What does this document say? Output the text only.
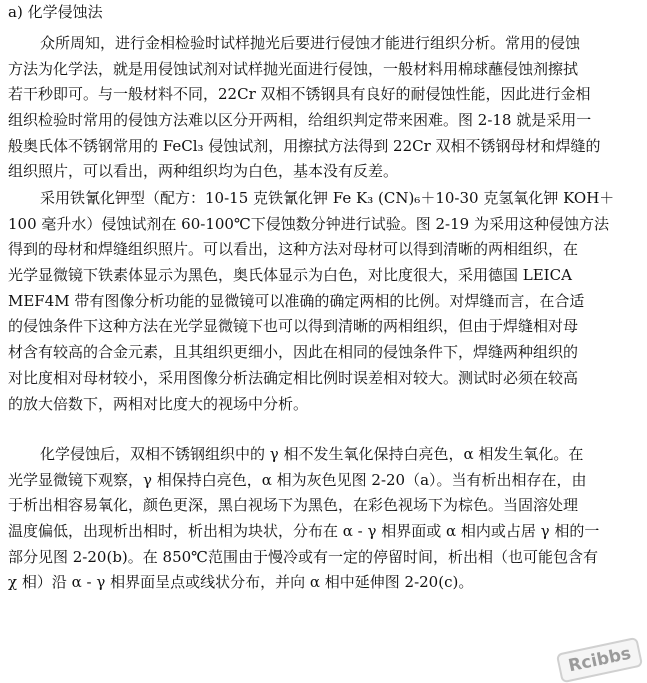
a) 化学侵蚀法
众所周知，进行金相检验时试样抛光后要进行侵蚀才能进行组织分析。常用的侵蚀
方法为化学法，就是用侵蚀试剂对试样抛光面进行侵蚀，一般材料用棉球蘸侵蚀剂擦拭
若干秒即可。与一般材料不同，22Cr 双相不锈钢具有良好的耐侵蚀性能，因此进行金相
组织检验时常用的侵蚀方法难以区分开两相，给组织判定带来困难。图 2-18 就是采用一
般奥氏体不锈钢常用的 FeCl₃ 侵蚀试剂，用擦拭方法得到 22Cr 双相不锈钢母材和焊缝的
组织照片，可以看出，两种组织均为白色，基本没有反差。
采用铁氰化钾型（配方：10-15 克铁氰化钾 Fe K₃ (CN)₆＋10-30 克氢氧化钾 KOH＋
100 毫升水）侵蚀试剂在 60-100℃下侵蚀数分钟进行试验。图 2-19 为采用这种侵蚀方法
得到的母材和焊缝组织照片。可以看出，这种方法对母材可以得到清晰的两相组织，在
光学显微镜下铁素体显示为黑色，奥氏体显示为白色，对比度很大，采用德国 LEICA
MEF4M 带有图像分析功能的显微镜可以准确的确定两相的比例。对焊缝而言，在合适
的侵蚀条件下这种方法在光学显微镜下也可以得到清晰的两相组织，但由于焊缝相对母
材含有较高的合金元素，且其组织更细小，因此在相同的侵蚀条件下，焊缝两种组织的
对比度相对母材较小，采用图像分析法确定相比例时误差相对较大。测试时必须在较高
的放大倍数下，两相对比度大的视场中分析。
化学侵蚀后，双相不锈钢组织中的 γ 相不发生氧化保持白亮色，α 相发生氧化。在
光学显微镜下观察，γ 相保持白亮色，α 相为灰色见图 2-20（a）。当有析出相存在，由
于析出相容易氧化，颜色更深，黑白视场下为黑色，在彩色视场下为棕色。当固溶处理
温度偏低，出现析出相时，析出相为块状，分布在 α - γ 相界面或 α 相内或占居 γ 相的一
部分见图 2-20(b)。在 850℃范围由于慢冷或有一定的停留时间，析出相（也可能包含有
χ 相）沿 α - γ 相界面呈点或线状分布，并向 α 相中延伸图 2-20(c)。
Rcibbs
